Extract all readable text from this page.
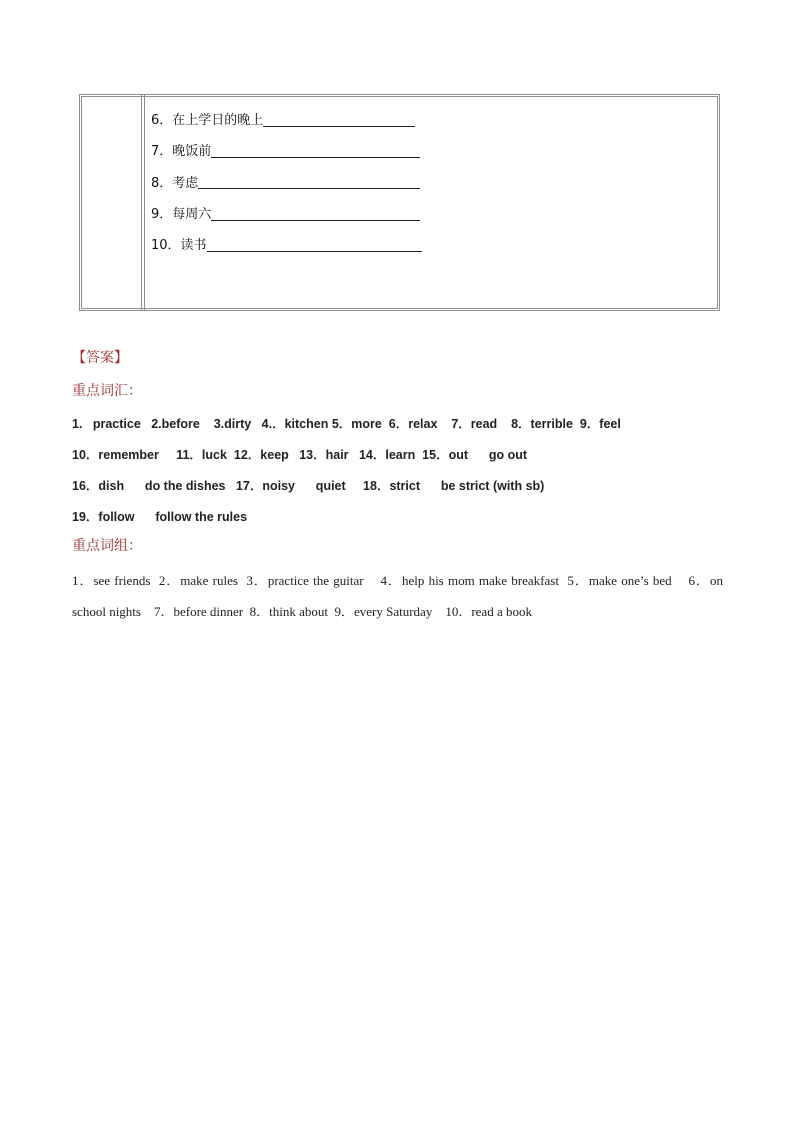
6．在上学日的晚上
7．晚饭前
8．考虑
9．每周六
10．读书
【答案】
重点词汇：
1.   practice   2.before    3.dirty   4.．kitchen 5．more  6．relax    7．read    8．terrible  9．feel
10．remember     11．luck  12．keep   13．hair   14．learn  15．out      go out
16．dish      do the dishes   17．noisy      quiet     18．strict      be strict (with sb)
19．follow      follow the rules
重点词组：
1．see friends  2．make rules  3．practice the guitar    4．help his mom make breakfast  5．make one’s bed    6．on
school nights    7．before dinner  8．think about  9．every Saturday    10．read a book
